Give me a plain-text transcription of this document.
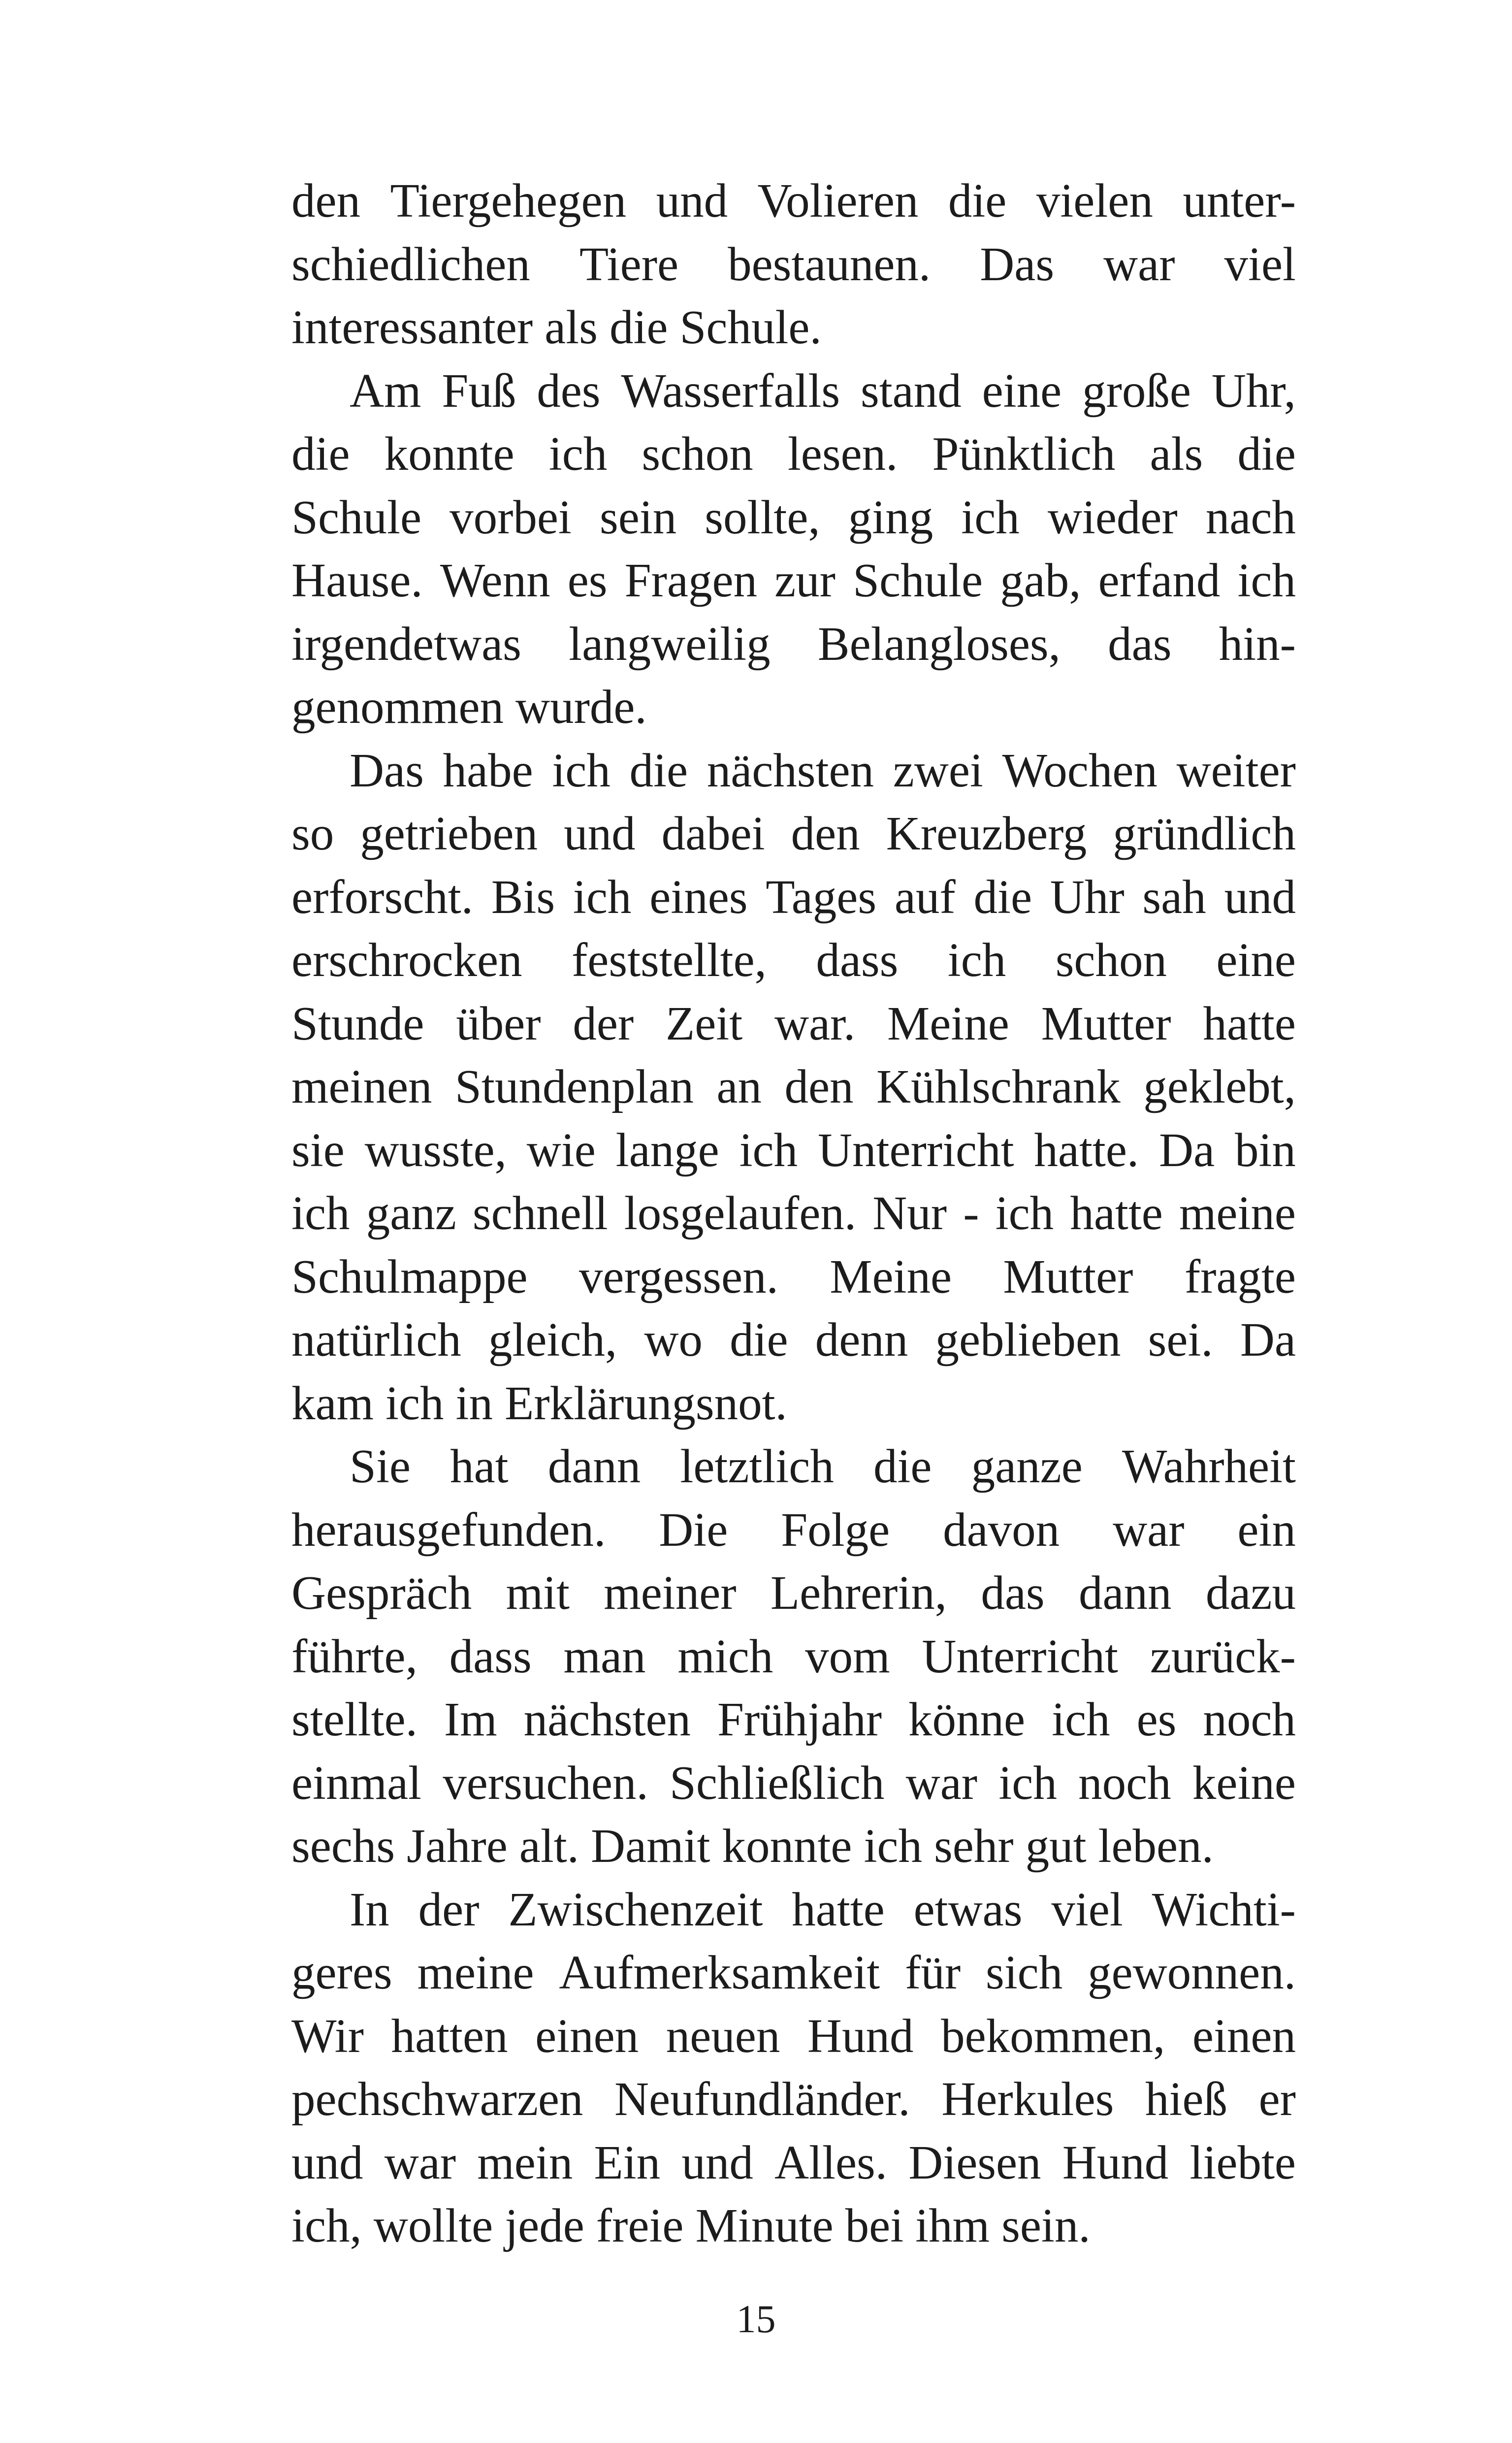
den Tiergehegen und Volieren die vielen unter-
schiedlichen Tiere bestaunen. Das war viel
interessanter als die Schule.
Am Fuß des Wasserfalls stand eine große Uhr,
die konnte ich schon lesen. Pünktlich als die
Schule vorbei sein sollte, ging ich wieder nach
Hause. Wenn es Fragen zur Schule gab, erfand ich
irgendetwas langweilig Belangloses, das hin-
genommen wurde.
Das habe ich die nächsten zwei Wochen weiter
so getrieben und dabei den Kreuzberg gründlich
erforscht. Bis ich eines Tages auf die Uhr sah und
erschrocken feststellte, dass ich schon eine
Stunde über der Zeit war. Meine Mutter hatte
meinen Stundenplan an den Kühlschrank geklebt,
sie wusste, wie lange ich Unterricht hatte. Da bin
ich ganz schnell losgelaufen. Nur - ich hatte meine
Schulmappe vergessen. Meine Mutter fragte
natürlich gleich, wo die denn geblieben sei. Da
kam ich in Erklärungsnot.
Sie hat dann letztlich die ganze Wahrheit
herausgefunden. Die Folge davon war ein
Gespräch mit meiner Lehrerin, das dann dazu
führte, dass man mich vom Unterricht zurück-
stellte. Im nächsten Frühjahr könne ich es noch
einmal versuchen. Schließlich war ich noch keine
sechs Jahre alt. Damit konnte ich sehr gut leben.
In der Zwischenzeit hatte etwas viel Wichti-
geres meine Aufmerksamkeit für sich gewonnen.
Wir hatten einen neuen Hund bekommen, einen
pechschwarzen Neufundländer. Herkules hieß er
und war mein Ein und Alles. Diesen Hund liebte
ich, wollte jede freie Minute bei ihm sein.
15
